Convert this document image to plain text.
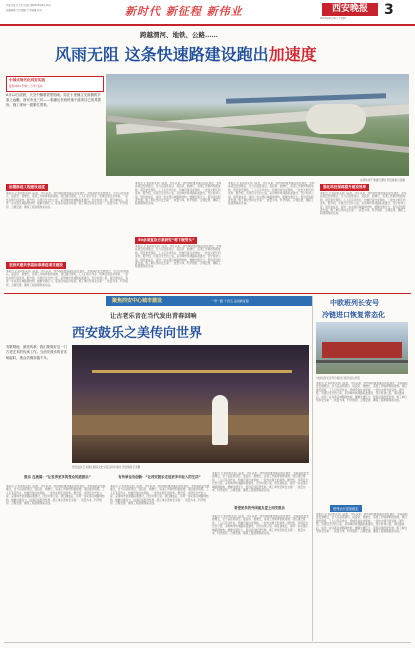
西安日报社主办 出版日期2023年8月24日
版面编辑 责任编辑 美术编辑 校对	新时代 新征程 新伟业	西安晚报	3
2023年8月24日 星期四
跨越渭河、地铁、公路……
风雨无阻 这条快速路建设跑出加速度
中国式现代化西安实践
奋进2023 打响“三个年”活动
8月22日清晨，天空中飘着蒙蒙细雨。站在十里铺立交南侧的平原上远眺，西安市北三环——临潼区东西快速干道项目已初具雏形，施工现场一派繁忙景象。
东西快速干道建设现场 西安晚报记者摄
如期推进工程建设进度
50余项复杂方案研究“啃下硬骨头”
坚持共建共享高标准推进项目建设
强化科技保障提升建设效率
本报讯 记者从相关部门获悉，今年以来，我市持续推进重点项目建设，坚持高质量发展理念，全力以赴抓项目、促投资、稳增长，各项工作取得积极成效。项目建设现场，工人们有序作业，机械设备往来穿梭，一派热火朝天的景象。据介绍，该项目全长约公里，采用城市快速路标准建设，设计时速公里。项目建成后，将进一步完善区域路网结构，缓解交通压力，促进沿线经济发展。施工单位坚持安全第一、质量为本，科学组织、合理安排，确保工程按期保质完成。
本报讯 记者从相关部门获悉，今年以来，我市持续推进重点项目建设，坚持高质量发展理念，全力以赴抓项目、促投资、稳增长，各项工作取得积极成效。项目建设现场，工人们有序作业，机械设备往来穿梭，一派热火朝天的景象。据介绍，该项目全长约公里，采用城市快速路标准建设，设计时速公里。项目建成后，将进一步完善区域路网结构，缓解交通压力，促进沿线经济发展。施工单位坚持安全第一、质量为本，科学组织、合理安排，确保工程按期保质完成。
本报讯 记者从相关部门获悉，今年以来，我市持续推进重点项目建设，坚持高质量发展理念，全力以赴抓项目、促投资、稳增长，各项工作取得积极成效。项目建设现场，工人们有序作业，机械设备往来穿梭，一派热火朝天的景象。据介绍，该项目全长约公里，采用城市快速路标准建设，设计时速公里。项目建成后，将进一步完善区域路网结构，缓解交通压力，促进沿线经济发展。施工单位坚持安全第一、质量为本，科学组织、合理安排，确保工程按期保质完成。
本报讯 记者从相关部门获悉，今年以来，我市持续推进重点项目建设，坚持高质量发展理念，全力以赴抓项目、促投资、稳增长，各项工作取得积极成效。项目建设现场，工人们有序作业，机械设备往来穿梭，一派热火朝天的景象。据介绍，该项目全长约公里，采用城市快速路标准建设，设计时速公里。项目建成后，将进一步完善区域路网结构，缓解交通压力，促进沿线经济发展。施工单位坚持安全第一、质量为本，科学组织、合理安排，确保工程按期保质完成。
本报讯 记者从相关部门获悉，今年以来，我市持续推进重点项目建设，坚持高质量发展理念，全力以赴抓项目、促投资、稳增长，各项工作取得积极成效。项目建设现场，工人们有序作业，机械设备往来穿梭，一派热火朝天的景象。据介绍，该项目全长约公里，采用城市快速路标准建设，设计时速公里。项目建成后，将进一步完善区域路网结构，缓解交通压力，促进沿线经济发展。施工单位坚持安全第一、质量为本，科学组织、合理安排，确保工程按期保质完成。
本报讯 记者从相关部门获悉，今年以来，我市持续推进重点项目建设，坚持高质量发展理念，全力以赴抓项目、促投资、稳增长，各项工作取得积极成效。项目建设现场，工人们有序作业，机械设备往来穿梭，一派热火朝天的景象。据介绍，该项目全长约公里，采用城市快速路标准建设，设计时速公里。项目建成后，将进一步完善区域路网结构，缓解交通压力，促进沿线经济发展。施工单位坚持安全第一、质量为本，科学组织、合理安排，确保工程按期保质完成。
聚焦西安中心城市建设	一带一路 十四五 奋进新征程
让古老乐音在当代发出青春回响
西安鼓乐之美传向世界
有歌唱他，最美传承，我们要做好这一门古老艺术的传承工作。当西安鼓乐的音乐响起时，观众仿佛穿越千年。
西安鼓乐艺术团在国际文化交流活动中演出 西安晚报记者摄
鼓乐 在流淌：“让世界更多的受众知道鼓乐”	有传承也有创新：“让西安鼓乐走进更多年轻人的生活”
希望更多的外国朋友爱上西安鼓乐
本报讯 记者从相关部门获悉，今年以来，我市持续推进重点项目建设，坚持高质量发展理念，全力以赴抓项目、促投资、稳增长，各项工作取得积极成效。项目建设现场，工人们有序作业，机械设备往来穿梭，一派热火朝天的景象。据介绍，该项目全长约公里，采用城市快速路标准建设，设计时速公里。项目建成后，将进一步完善区域路网结构，缓解交通压力，促进沿线经济发展。施工单位坚持安全第一、质量为本，科学组织、合理安排，确保工程按期保质完成。
本报讯 记者从相关部门获悉，今年以来，我市持续推进重点项目建设，坚持高质量发展理念，全力以赴抓项目、促投资、稳增长，各项工作取得积极成效。项目建设现场，工人们有序作业，机械设备往来穿梭，一派热火朝天的景象。据介绍，该项目全长约公里，采用城市快速路标准建设，设计时速公里。项目建成后，将进一步完善区域路网结构，缓解交通压力，促进沿线经济发展。施工单位坚持安全第一、质量为本，科学组织、合理安排，确保工程按期保质完成。
本报讯 记者从相关部门获悉，今年以来，我市持续推进重点项目建设，坚持高质量发展理念，全力以赴抓项目、促投资、稳增长，各项工作取得积极成效。项目建设现场，工人们有序作业，机械设备往来穿梭，一派热火朝天的景象。据介绍，该项目全长约公里，采用城市快速路标准建设，设计时速公里。项目建成后，将进一步完善区域路网结构，缓解交通压力，促进沿线经济发展。施工单位坚持安全第一、质量为本，科学组织、合理安排，确保工程按期保质完成。
本报讯 记者从相关部门获悉，今年以来，我市持续推进重点项目建设，坚持高质量发展理念，全力以赴抓项目、促投资、稳增长，各项工作取得积极成效。项目建设现场，工人们有序作业，机械设备往来穿梭，一派热火朝天的景象。据介绍，该项目全长约公里，采用城市快速路标准建设，设计时速公里。项目建成后，将进一步完善区域路网结构，缓解交通压力，促进沿线经济发展。施工单位坚持安全第一、质量为本，科学组织、合理安排，确保工程按期保质完成。
中欧班列长安号
冷链进口恢复常态化
中欧班列长安号冷链进口班列到达西安
本报讯 记者从相关部门获悉，今年以来，我市持续推进重点项目建设，坚持高质量发展理念，全力以赴抓项目、促投资、稳增长，各项工作取得积极成效。项目建设现场，工人们有序作业，机械设备往来穿梭，一派热火朝天的景象。据介绍，该项目全长约公里，采用城市快速路标准建设，设计时速公里。项目建成后，将进一步完善区域路网结构，缓解交通压力，促进沿线经济发展。施工单位坚持安全第一、质量为本，科学组织、合理安排，确保工程按期保质完成。
班列运行更加稳定
本报讯 记者从相关部门获悉，今年以来，我市持续推进重点项目建设，坚持高质量发展理念，全力以赴抓项目、促投资、稳增长，各项工作取得积极成效。项目建设现场，工人们有序作业，机械设备往来穿梭，一派热火朝天的景象。据介绍，该项目全长约公里，采用城市快速路标准建设，设计时速公里。项目建成后，将进一步完善区域路网结构，缓解交通压力，促进沿线经济发展。施工单位坚持安全第一、质量为本，科学组织、合理安排，确保工程按期保质完成。
